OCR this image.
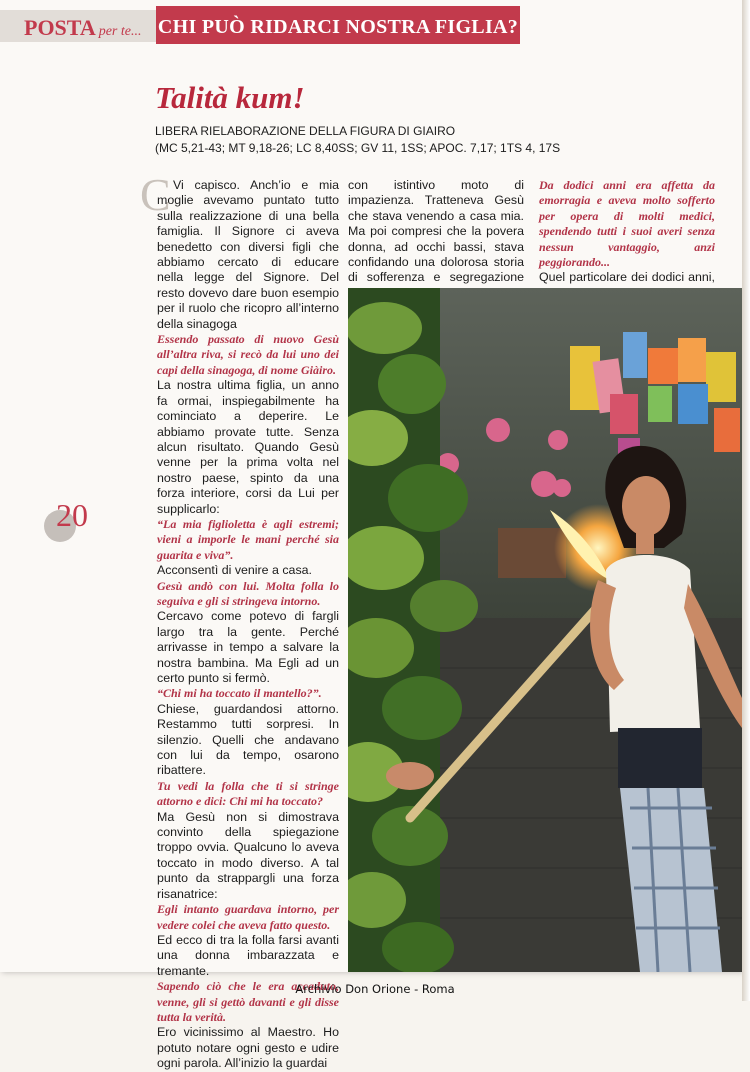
POSTA per te... CHI PUÒ RIDARCI NOSTRA FIGLIA?
Talità kum!
LIBERA RIELABORAZIONE DELLA FIGURA DI GIAIRO
(MC 5,21-43; MT 9,18-26; LC 8,40SS; GV 11, 1SS; APOC. 7,17; 1TS 4, 17S
C Vi capisco. Anch’io e mia moglie avevamo puntato tutto sulla realizzazione di una bella famiglia. Il Signore ci aveva benedetto con diversi figli che abbiamo cercato di educare nella legge del Signore. Del resto dovevo dare buon esempio per il ruolo che ricopro all’interno della sinagoga

Essendo passato di nuovo Gesù all’altra riva, si recò da lui uno dei capi della sinagoga, di nome Giàiro.

La nostra ultima figlia, un anno fa ormai, inspiegabilmente ha cominciato a deperire. Le abbiamo provate tutte. Senza alcun risultato. Quando Gesù venne per la prima volta nel nostro paese, spinto da una forza interiore, corsi da Lui per supplicarlo:

“La mia figlioletta è agli estremi; vieni a imporle le mani perché sia guarita e viva”.

Acconsentì di venire a casa.

Gesù andò con lui. Molta folla lo seguiva e gli si stringeva intorno.

Cercavo come potevo di fargli largo tra la gente. Perché arrivasse in tempo a salvare la nostra bambina. Ma Egli ad un certo punto si fermò.

“Chi mi ha toccato il mantello?”.

Chiese, guardandosi attorno. Restammo tutti sorpresi. In silenzio. Quelli che andavano con lui da tempo, osarono ribattere.

Tu vedi la folla che ti si stringe attorno e dici: Chi mi ha toccato?

Ma Gesù non si dimostrava convinto della spiegazione troppo ovvia. Qualcuno lo aveva toccato in modo diverso. A tal punto da strappargli una forza risanatrice:

Egli intanto guardava intorno, per vedere colei che aveva fatto questo.

Ed ecco di tra la folla farsi avanti una donna imbarazzata e tremante.

Sapendo ciò che le era accaduto, venne, gli si gettò davanti e gli disse tutta la verità.

Ero vicinissimo al Maestro. Ho potuto notare ogni gesto e udire ogni parola. All’inizio la guardai

con istintivo moto di impazienza. Tratteneva Gesù che stava venendo a casa mia. Ma poi compresi che la povera donna, ad occhi bassi, stava confidando una dolorosa storia di sofferenza e segregazione

Da dodici anni era affetta da emorragia e aveva molto sofferto per opera di molti medici, spendendo tutti i suoi averi senza nessun vantaggio, anzi peggiorando...

Quel particolare dei dodici anni,

20
Archivio Don Orione - Roma
